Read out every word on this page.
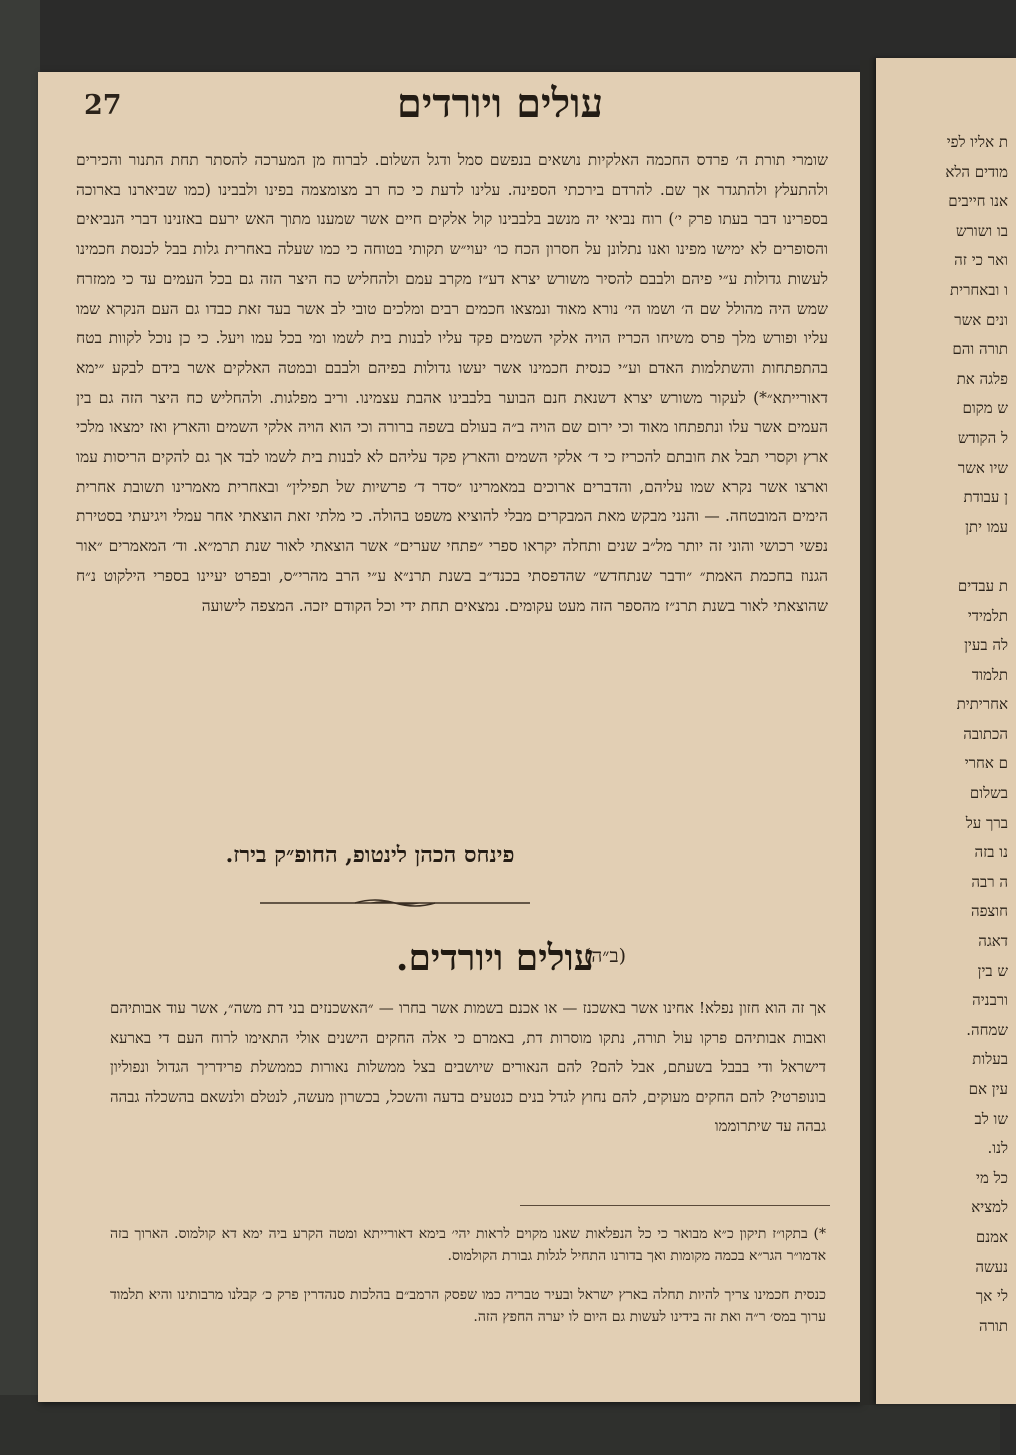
ת אליו לפי
מודים הלא
אנו חייבים
בו ושורש
ואר כי זה
ו ובאחרית
ונים אשר
תורה והם
פלגה את
ש מקום
ל הקודש
שיו אשר
ן עבודת
עמו יתן

ת עבדים
תלמידי
לה בעין
תלמוד
אחריתית
הכתובה
ם אחרי
בשלום
ברך על
נו בזה
ה רבה
חוצפה
דאגה
ש בין
ורבניה
שמחה.
בעלות
עין אם
שו לב
לנו.
כל מי
למציא
אמנם
נעשה
לי אך
תורה
27	עולים ויורדים
שומרי תורת ה׳ פרדס החכמה האלקיות נושאים בנפשם סמל ודגל השלום. לברוח מן המערכה להסתר תחת התנור והכירים ולהתעלץ ולהתגדר אך שם. להרדם בירכתי הספינה. עלינו לדעת כי כח רב מצומצמה בפינו ולבבינו (כמו שביארנו בארוכה בספרינו דבר בעתו פרק י׳) רוח נביאי יה מנשב בלבבינו קול אלקים חיים אשר שמענו מתוך האש ירעם באזנינו דברי הנביאים והסופרים לא ימישו מפינו ואנו נתלונן על חסרון הכח כו׳ יעוי״ש תקותי בטוחה כי כמו שעלה באחרית גלות בבל לכנסת חכמינו לעשות גדולות ע״י פיהם ולבבם להסיר משורש יצרא דע״ז מקרב עמם ולהחליש כח היצר הזה גם בכל העמים עד כי ממזרח שמש היה מהולל שם ה׳ ושמו הי׳ נורא מאוד ונמצאו חכמים רבים ומלכים טובי לב אשר בעד זאת כבדו גם העם הנקרא שמו עליו ופורש מלך פרס משיחו הכריז הויה אלקי השמים פקד עליו לבנות בית לשמו ומי בכל עמו ויעל. כי כן נוכל לקוות בטח בהתפתחות והשתלמות האדם וע״י כנסית חכמינו אשר יעשו גדולות בפיהם ולבבם ובמטה האלקים אשר בידם לבקע ״ימא דאורייתא״*) לעקור משורש יצרא דשנאת חנם הבוער בלבבינו אהבת עצמינו. וריב מפלגות. ולהחליש כח היצר הזה גם בין העמים אשר עלו ונתפתחו מאוד וכי ירום שם הויה ב״ה בעולם בשפה ברורה וכי הוא הויה אלקי השמים והארץ ואז ימצאו מלכי ארץ וקסרי תבל את חובתם להכריז כי ד׳ אלקי השמים והארץ פקד עליהם לא לבנות בית לשמו לבד אך גם להקים הריסות עמו וארצו אשר נקרא שמו עליהם, והדברים ארוכים במאמרינו ״סדר ד׳ פרשיות של תפילין״ ובאחרית מאמרינו תשובת אחרית הימים המובטחה. — והנני מבקש מאת המבקרים מבלי להוציא משפט בהולה. כי מלתי זאת הוצאתי אחר עמלי ויגיעתי בסטירת נפשי רכושי והוני זה יותר מל״ב שנים ותחלה יקראו ספרי ״פתחי שערים״ אשר הוצאתי לאור שנת תרמ״א. וד׳ המאמרים ״אור הגנוז בחכמת האמת״ ״ודבר שנתחדש״ שהדפסתי בכנד״ב בשנת תרנ״א ע״י הרב מהרי״ס, ובפרט יעיינו בספרי הילקוט נ״ח שהוצאתי לאור בשנת תרנ״ז מהספר הזה מעט עקומים. נמצאים תחת ידי וכל הקודם יזכה. המצפה לישועה
פינחס הכהן לינטופ, החופ״ק בירז.
(ב״ה)
עולים ויורדים.
אך זה הוא חזון נפלא! אחינו אשר באשכנז — או אכנם בשמות אשר בחרו — ״האשכנזים בני דת משה״, אשר עוד אבותיהם ואבות אבותיהם פרקו עול תורה, נתקו מוסרות דת, באמרם כי אלה החקים הישנים אולי התאימו לרוח העם די בארעא דישראל ודי בבבל בשעתם, אבל להם? להם הנאורים שיושבים בצל ממשלות נאורות כממשלת פרידריך הגדול ונפוליון בונופרטי? להם החקים מעוקים, להם נחוץ לגדל בנים כנטעים בדעה והשכל, בכשרון מעשה, לנטלם ולנשאם בהשכלה גבהה גבהה עד שיתרוממו
*) בתקו״ז תיקון כ״א מבואר כי כל הנפלאות שאנו מקוים לראות יהי׳ בימא דאורייתא ומטה הקרע ביה ימא דא קולמוס. הארוך בזה אדמו״ר הגר״א בכמה מקומות ואך בדורנו התחיל לגלות גבורת הקולמוס.
כנסית חכמינו צריך להיות תחלה בארץ ישראל ובעיר טבריה כמו שפסק הרמב״ם בהלכות סנהדרין פרק כ׳ קבלנו מרבותינו והיא תלמוד ערוך במס׳ ר״ה ואת זה בידינו לעשות גם היום לו יערה החפץ הזה.
